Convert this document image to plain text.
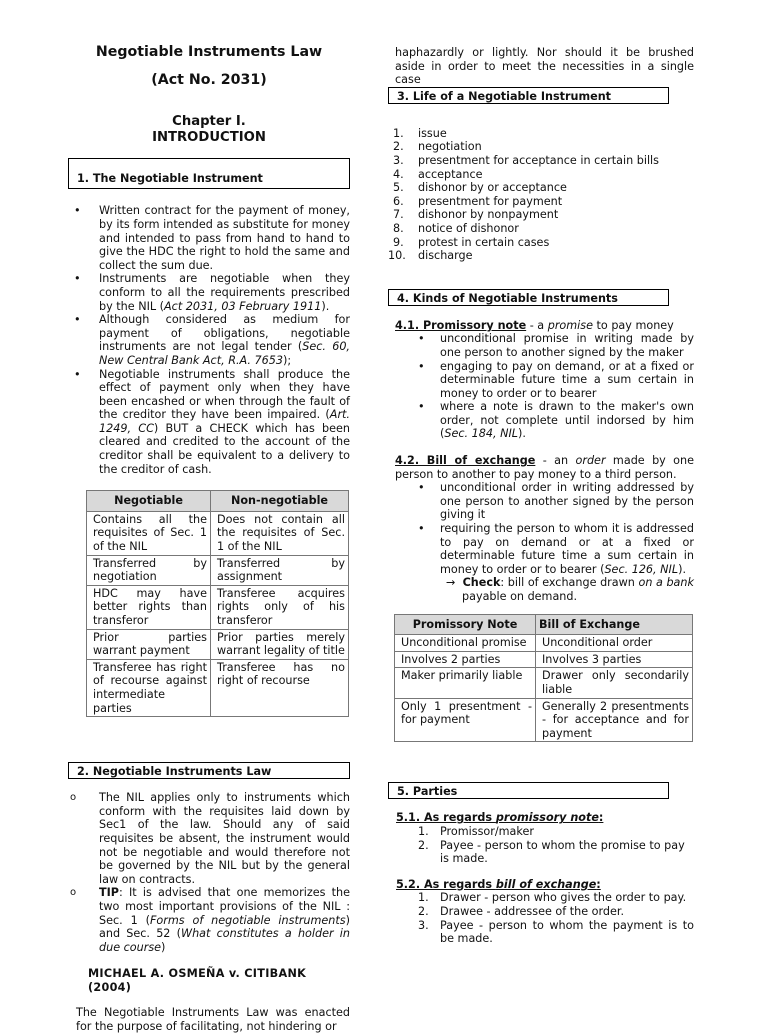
Negotiable Instruments Law
(Act No. 2031)
Chapter I.
INTRODUCTION
1. The Negotiable Instrument
• Written contract for the payment of money, by its form intended as substitute for money and intended to pass from hand to hand to give the HDC the right to hold the same and collect the sum due.
• Instruments are negotiable when they conform to all the requirements prescribed by the NIL (Act 2031, 03 February 1911).
• Although considered as medium for payment of obligations, negotiable instruments are not legal tender (Sec. 60, New Central Bank Act, R.A. 7653);
• Negotiable instruments shall produce the effect of payment only when they have been encashed or when through the fault of the creditor they have been impaired. (Art. 1249, CC) BUT a CHECK which has been cleared and credited to the account of the creditor shall be equivalent to a delivery to the creditor of cash.
Negotiable	Non-negotiable
Contains all the requisites of Sec. 1 of the NIL	Does not contain all the requisites of Sec. 1 of the NIL
Transferred by negotiation	Transferred by assignment
HDC may have better rights than transferor	Transferee acquires rights only of his transferor
Prior parties warrant payment	Prior parties merely warrant legality of title
Transferee has right of recourse against intermediate parties	Transferee has no right of recourse
2. Negotiable Instruments Law
o The NIL applies only to instruments which conform with the requisites laid down by Sec1 of the law. Should any of said requisites be absent, the instrument would not be negotiable and would therefore not be governed by the NIL but by the general law on contracts.
o TIP: It is advised that one memorizes the two most important provisions of the NIL : Sec. 1 (Forms of negotiable instruments) and Sec. 52 (What constitutes a holder in due course)
MICHAEL A. OSMEÑA v. CITIBANK (2004)

The Negotiable Instruments Law was enacted for the purpose of facilitating, not hindering or

haphazardly or lightly. Nor should it be brushed aside in order to meet the necessities in a single case

3. Life of a Negotiable Instrument
1. issue
2. negotiation
3. presentment for acceptance in certain bills
4. acceptance
5. dishonor by or acceptance
6. presentment for payment
7. dishonor by nonpayment
8. notice of dishonor
9. protest in certain cases
10. discharge
4. Kinds of Negotiable Instruments

4.1. Promissory note - a promise to pay money

• unconditional promise in writing made by one person to another signed by the maker
• engaging to pay on demand, or at a fixed or determinable future time a sum certain in money to order or to bearer
• where a note is drawn to the maker's own order, not complete until indorsed by him (Sec. 184, NIL).

4.2. Bill of exchange - an order made by one person to another to pay money to a third person.

• unconditional order in writing addressed by one person to another signed by the person giving it
• requiring the person to whom it is addressed to pay on demand or at a fixed or determinable future time a sum certain in money to order or to bearer (Sec. 126, NIL).

→ Check: bill of exchange drawn on a bank payable on demand.

Promissory Note	Bill of Exchange
Unconditional promise	Unconditional order
Involves 2 parties	Involves 3 parties
Maker primarily liable	Drawer only secondarily liable
Only 1 presentment - for payment	Generally 2 presentments - for acceptance and for payment
5. Parties

5.1. As regards promissory note:

1. Promissor/maker
2. Payee - person to whom the promise to pay is made.

5.2. As regards bill of exchange:

1. Drawer - person who gives the order to pay.
2. Drawee - addressee of the order.
3. Payee - person to whom the payment is to be made.
